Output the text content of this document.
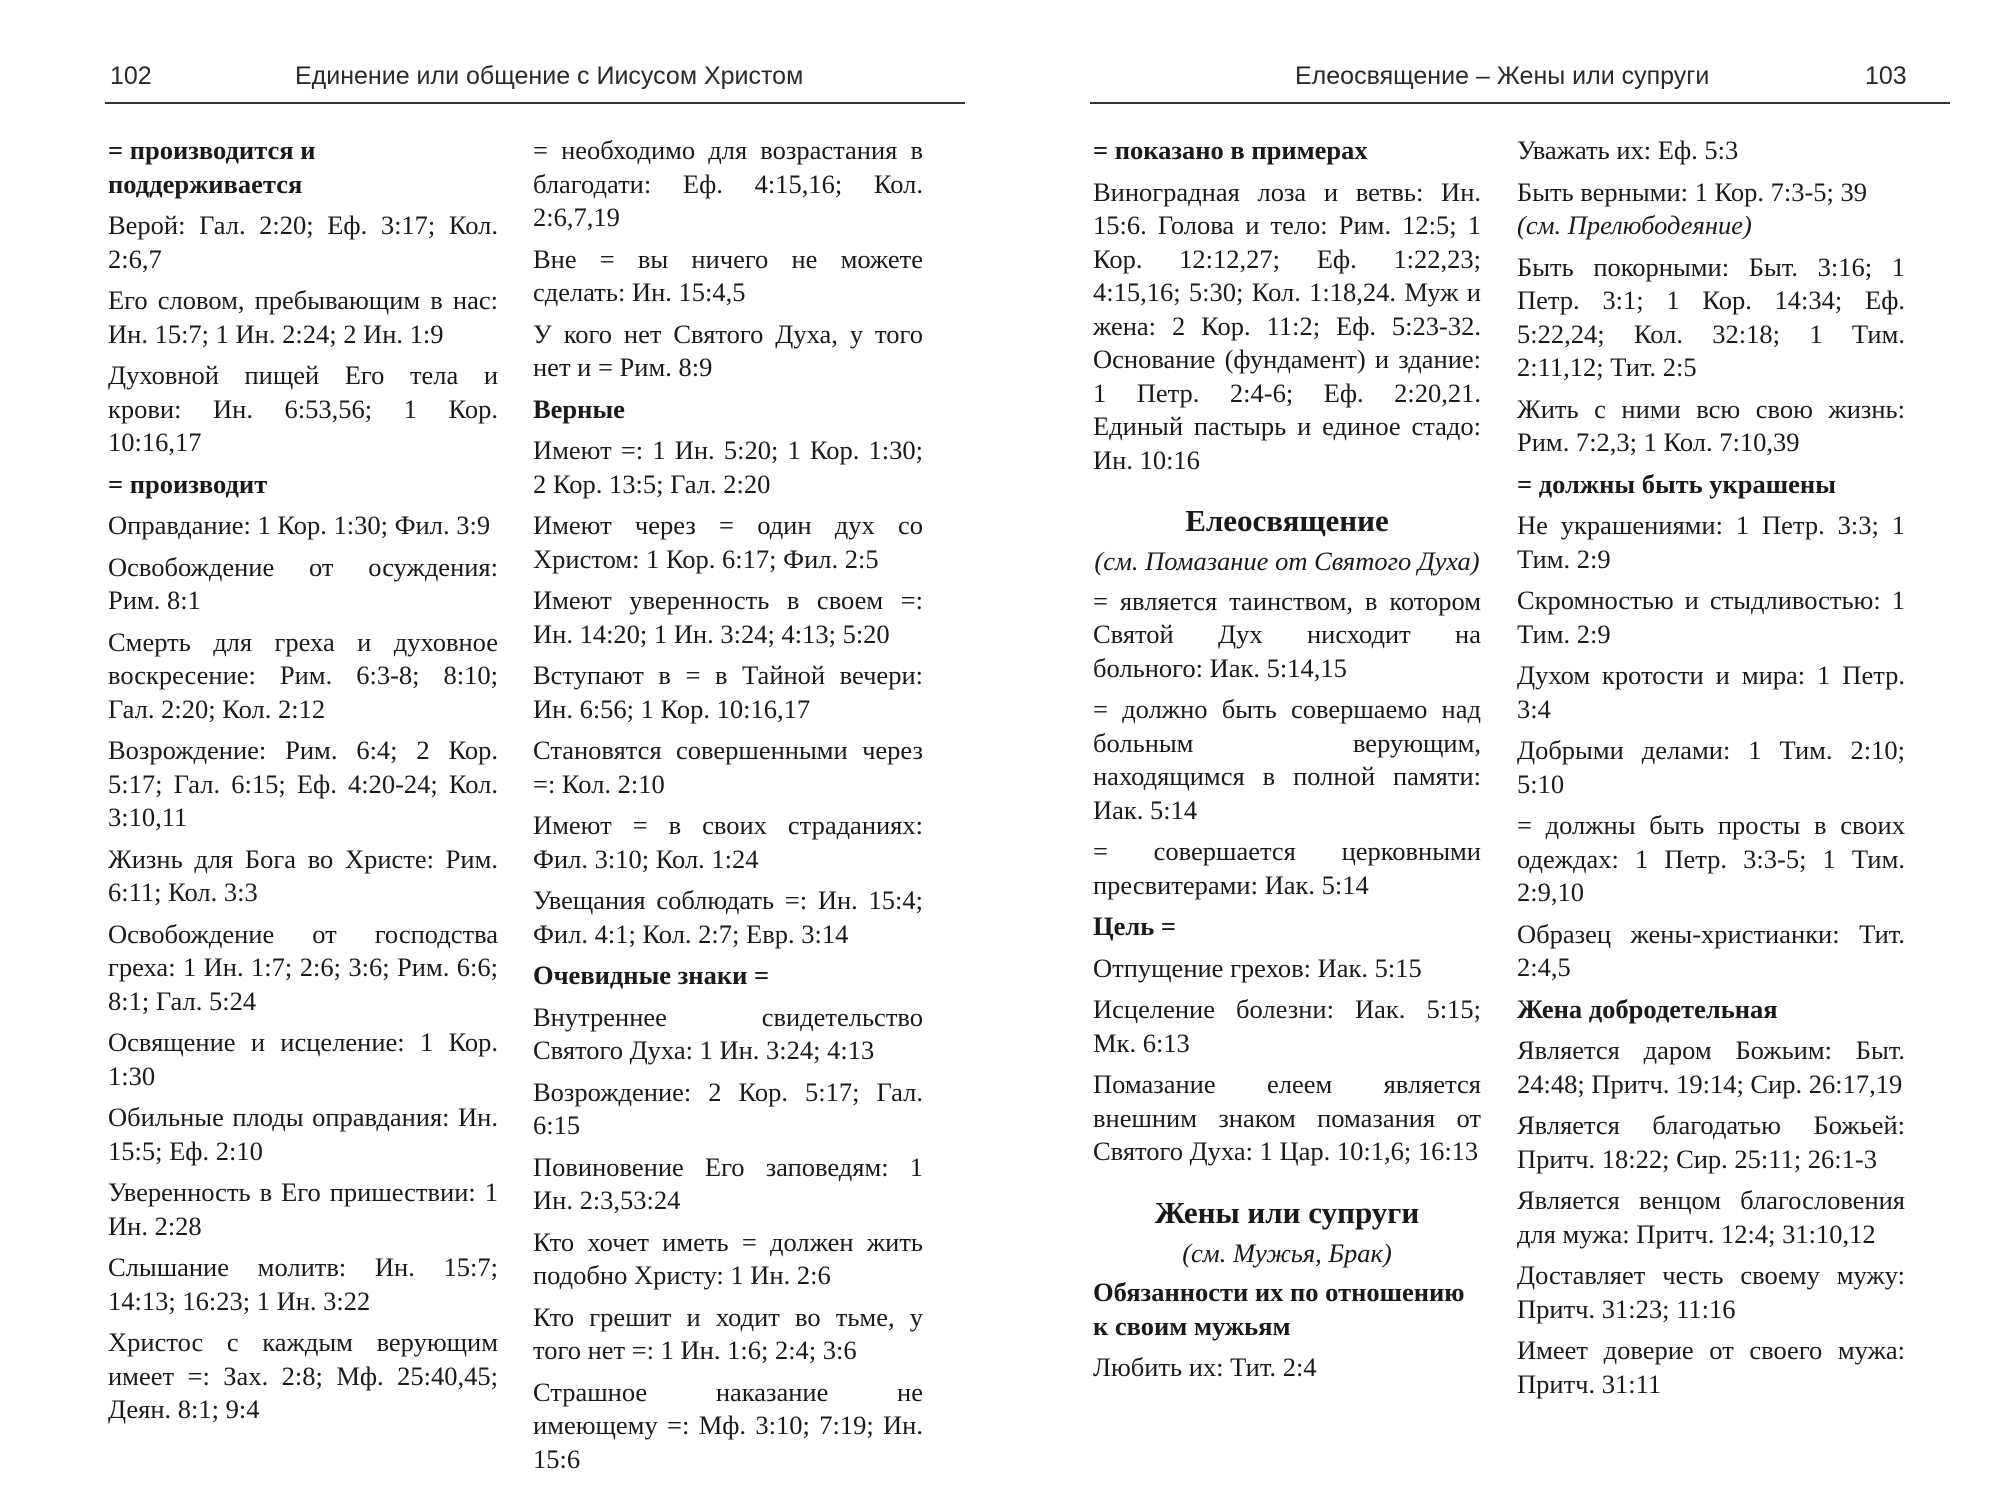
102	Единение или общение с Иисусом Христом
= производится и поддерживается
Верой: Гал. 2:20; Еф. 3:17; Кол. 2:6,7
Его словом, пребывающим в нас: Ин. 15:7; 1 Ин. 2:24; 2 Ин. 1:9
Духовной пищей Его тела и крови: Ин. 6:53,56; 1 Кор. 10:16,17
= производит
Оправдание: 1 Кор. 1:30; Фил. 3:9
Освобождение от осуждения: Рим. 8:1
Смерть для греха и духовное воскресение: Рим. 6:3-8; 8:10; Гал. 2:20; Кол. 2:12
Возрождение: Рим. 6:4; 2 Кор. 5:17; Гал. 6:15; Еф. 4:20-24; Кол. 3:10,11
Жизнь для Бога во Христе: Рим. 6:11; Кол. 3:3
Освобождение от господства греха: 1 Ин. 1:7; 2:6; 3:6; Рим. 6:6; 8:1; Гал. 5:24
Освящение и исцеление: 1 Кор. 1:30
Обильные плоды оправдания: Ин. 15:5; Еф. 2:10
Уверенность в Его пришествии: 1 Ин. 2:28
Слышание молитв: Ин. 15:7; 14:13; 16:23; 1 Ин. 3:22
Христос с каждым верующим имеет =: Зах. 2:8; Мф. 25:40,45; Деян. 8:1; 9:4
= необходимо для возрастания в благодати: Еф. 4:15,16; Кол. 2:6,7,19
Вне = вы ничего не можете сделать: Ин. 15:4,5
У кого нет Святого Духа, у того нет и = Рим. 8:9
Верные
Имеют =: 1 Ин. 5:20; 1 Кор. 1:30; 2 Кор. 13:5; Гал. 2:20
Имеют через = один дух со Христом: 1 Кор. 6:17; Фил. 2:5
Имеют уверенность в своем =: Ин. 14:20; 1 Ин. 3:24; 4:13; 5:20
Вступают в = в Тайной вечери: Ин. 6:56; 1 Кор. 10:16,17
Становятся совершенными через =: Кол. 2:10
Имеют = в своих страданиях: Фил. 3:10; Кол. 1:24
Увещания соблюдать =: Ин. 15:4; Фил. 4:1; Кол. 2:7; Евр. 3:14
Очевидные знаки =
Внутреннее свидетельство Святого Духа: 1 Ин. 3:24; 4:13
Возрождение: 2 Кор. 5:17; Гал. 6:15
Повиновение Его заповедям: 1 Ин. 2:3,53:24
Кто хочет иметь = должен жить подобно Христу: 1 Ин. 2:6
Кто грешит и ходит во тьме, у того нет =: 1 Ин. 1:6; 2:4; 3:6
Страшное наказание не имеющему =: Мф. 3:10; 7:19; Ин. 15:6
Елеосвящение – Жены или супруги	103
= показано в примерах
Виноградная лоза и ветвь: Ин. 15:6. Голова и тело: Рим. 12:5; 1 Кор. 12:12,27; Еф. 1:22,23; 4:15,16; 5:30; Кол. 1:18,24. Муж и жена: 2 Кор. 11:2; Еф. 5:23-32. Основание (фундамент) и здание: 1 Петр. 2:4-6; Еф. 2:20,21. Единый пастырь и единое стадо: Ин. 10:16
Елеосвящение
(см. Помазание от Святого Духа)
= является таинством, в котором Святой Дух нисходит на больного: Иак. 5:14,15
= должно быть совершаемо над больным верующим, находящимся в полной памяти: Иак. 5:14
= совершается церковными пресвитерами: Иак. 5:14
Цель =
Отпущение грехов: Иак. 5:15
Исцеление болезни: Иак. 5:15; Мк. 6:13
Помазание елеем является внешним знаком помазания от Святого Духа: 1 Цар. 10:1,6; 16:13
Жены или супруги
(см. Мужья, Брак)
Обязанности их по отношению к своим мужьям
Любить их: Тит. 2:4
Уважать их: Еф. 5:3
Быть верными: 1 Кор. 7:3-5; 39
(см. Прелюбодеяние)
Быть покорными: Быт. 3:16; 1 Петр. 3:1; 1 Кор. 14:34; Еф. 5:22,24; Кол. 32:18; 1 Тим. 2:11,12; Тит. 2:5
Жить с ними всю свою жизнь: Рим. 7:2,3; 1 Кол. 7:10,39
= должны быть украшены
Не украшениями: 1 Петр. 3:3; 1 Тим. 2:9
Скромностью и стыдливостью: 1 Тим. 2:9
Духом кротости и мира: 1 Петр. 3:4
Добрыми делами: 1 Тим. 2:10; 5:10
= должны быть просты в своих одеждах: 1 Петр. 3:3-5; 1 Тим. 2:9,10
Образец жены-христианки: Тит. 2:4,5
Жена добродетельная
Является даром Божьим: Быт. 24:48; Притч. 19:14; Сир. 26:17,19
Является благодатью Божьей: Притч. 18:22; Сир. 25:11; 26:1-3
Является венцом благословения для мужа: Притч. 12:4; 31:10,12
Доставляет честь своему мужу: Притч. 31:23; 11:16
Имеет доверие от своего мужа: Притч. 31:11
